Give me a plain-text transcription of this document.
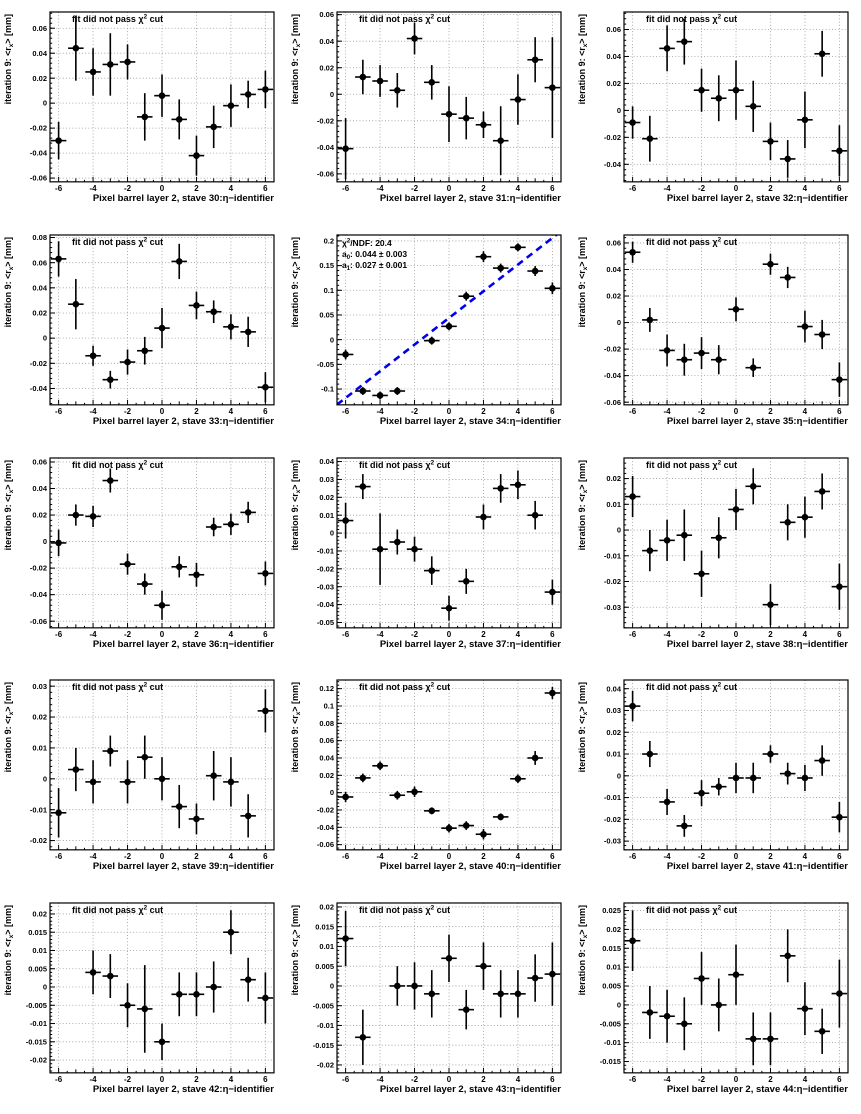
-6	-4	-2	0	2	4	6
-0.06
-0.04
-0.02
0
0.02
0.04
0.06
fit did not pass $\chi^2$ cut
iteration 9: $<r_x> [mm]$
Pixel barrel layer 2, stave 30:η−identifier
-6	-4	-2	0	2	4	6
-0.06
-0.04
-0.02
0
0.02
0.04
0.06	fit did not pass $\chi^2$ cut
iteration 9: $<r_x> [mm]$
Pixel barrel layer 2, stave 31:η−identifier
-6	-4	-2	0	2	4	6
-0.04
-0.02
0
0.02
0.04
0.06
fit did not pass $\chi^2$ cut
iteration 9: $<r_x> [mm]$
Pixel barrel layer 2, stave 32:η−identifier
-6	-4	-2	0	2	4	6
-0.04
-0.02
0
0.02
0.04
0.06
0.08	fit did not pass $\chi^2$ cut
iteration 9: $<r_x> [mm]$
Pixel barrel layer 2, stave 33:η−identifier
-6	-4	-2	0	2	4	6
-0.1
-0.05
0
0.05
0.1
0.15
0.2 $\chi^2$/NDF: 20.4
$a_0$: 0.044 ± 0.003
$a_1$: 0.027 ± 0.001
iteration 9: $<r_x> [mm]$
Pixel barrel layer 2, stave 34:η−identifier
-6	-4	-2	0	2	4	6
-0.06
-0.04
-0.02
0
0.02
0.04
0.06	fit did not pass $\chi^2$ cut
iteration 9: $<r_x> [mm]$
Pixel barrel layer 2, stave 35:η−identifier
-6	-4	-2	0	2	4	6
-0.06
-0.04
-0.02
0
0.02
0.04
0.06	fit did not pass $\chi^2$ cut
iteration 9: $<r_x> [mm]$
Pixel barrel layer 2, stave 36:η−identifier
-6	-4	-2	0	2	4	6
-0.05
-0.04
-0.03
-0.02
-0.01
0
0.01
0.02
0.03
0.04	fit did not pass $\chi^2$ cut
iteration 9: $<r_x> [mm]$
Pixel barrel layer 2, stave 37:η−identifier
-6	-4	-2	0	2	4	6
-0.03
-0.02
-0.01
0
0.01
0.02
fit did not pass $\chi^2$ cut
iteration 9: $<r_x> [mm]$
Pixel barrel layer 2, stave 38:η−identifier
-6	-4	-2	0	2	4	6
-0.02
-0.01
0
0.01
0.02
0.03	fit did not pass $\chi^2$ cut
iteration 9: $<r_x> [mm]$
Pixel barrel layer 2, stave 39:η−identifier
-6	-4	-2	0	2	4	6
-0.06
-0.04
-0.02
0
0.02
0.04
0.06
0.08
0.1
0.12	fit did not pass $\chi^2$ cut
iteration 9: $<r_x> [mm]$
Pixel barrel layer 2, stave 40:η−identifier
-6	-4	-2	0	2	4	6
-0.03
-0.02
-0.01
0
0.01
0.02
0.03
0.04	fit did not pass $\chi^2$ cut
iteration 9: $<r_x> [mm]$
Pixel barrel layer 2, stave 41:η−identifier
-6	-4	-2	0	2	4	6
-0.02
-0.015
-0.01
-0.005
0
0.005
0.01
0.015
0.02	fit did not pass $\chi^2$ cut
iteration 9: $<r_x> [mm]$
Pixel barrel layer 2, stave 42:η−identifier
-6	-4	-2	0	2	4	6
-0.02
-0.015
-0.01
-0.005
0
0.005
0.01
0.015
0.02	fit did not pass $\chi^2$ cut
iteration 9: $<r_x> [mm]$
Pixel barrel layer 2, stave 43:η−identifier
-6	-4	-2	0	2	4	6
-0.015
-0.01
-0.005
0
0.005
0.01
0.015
0.02
0.025	fit did not pass $\chi^2$ cut
iteration 9: $<r_x> [mm]$
Pixel barrel layer 2, stave 44:η−identifier
